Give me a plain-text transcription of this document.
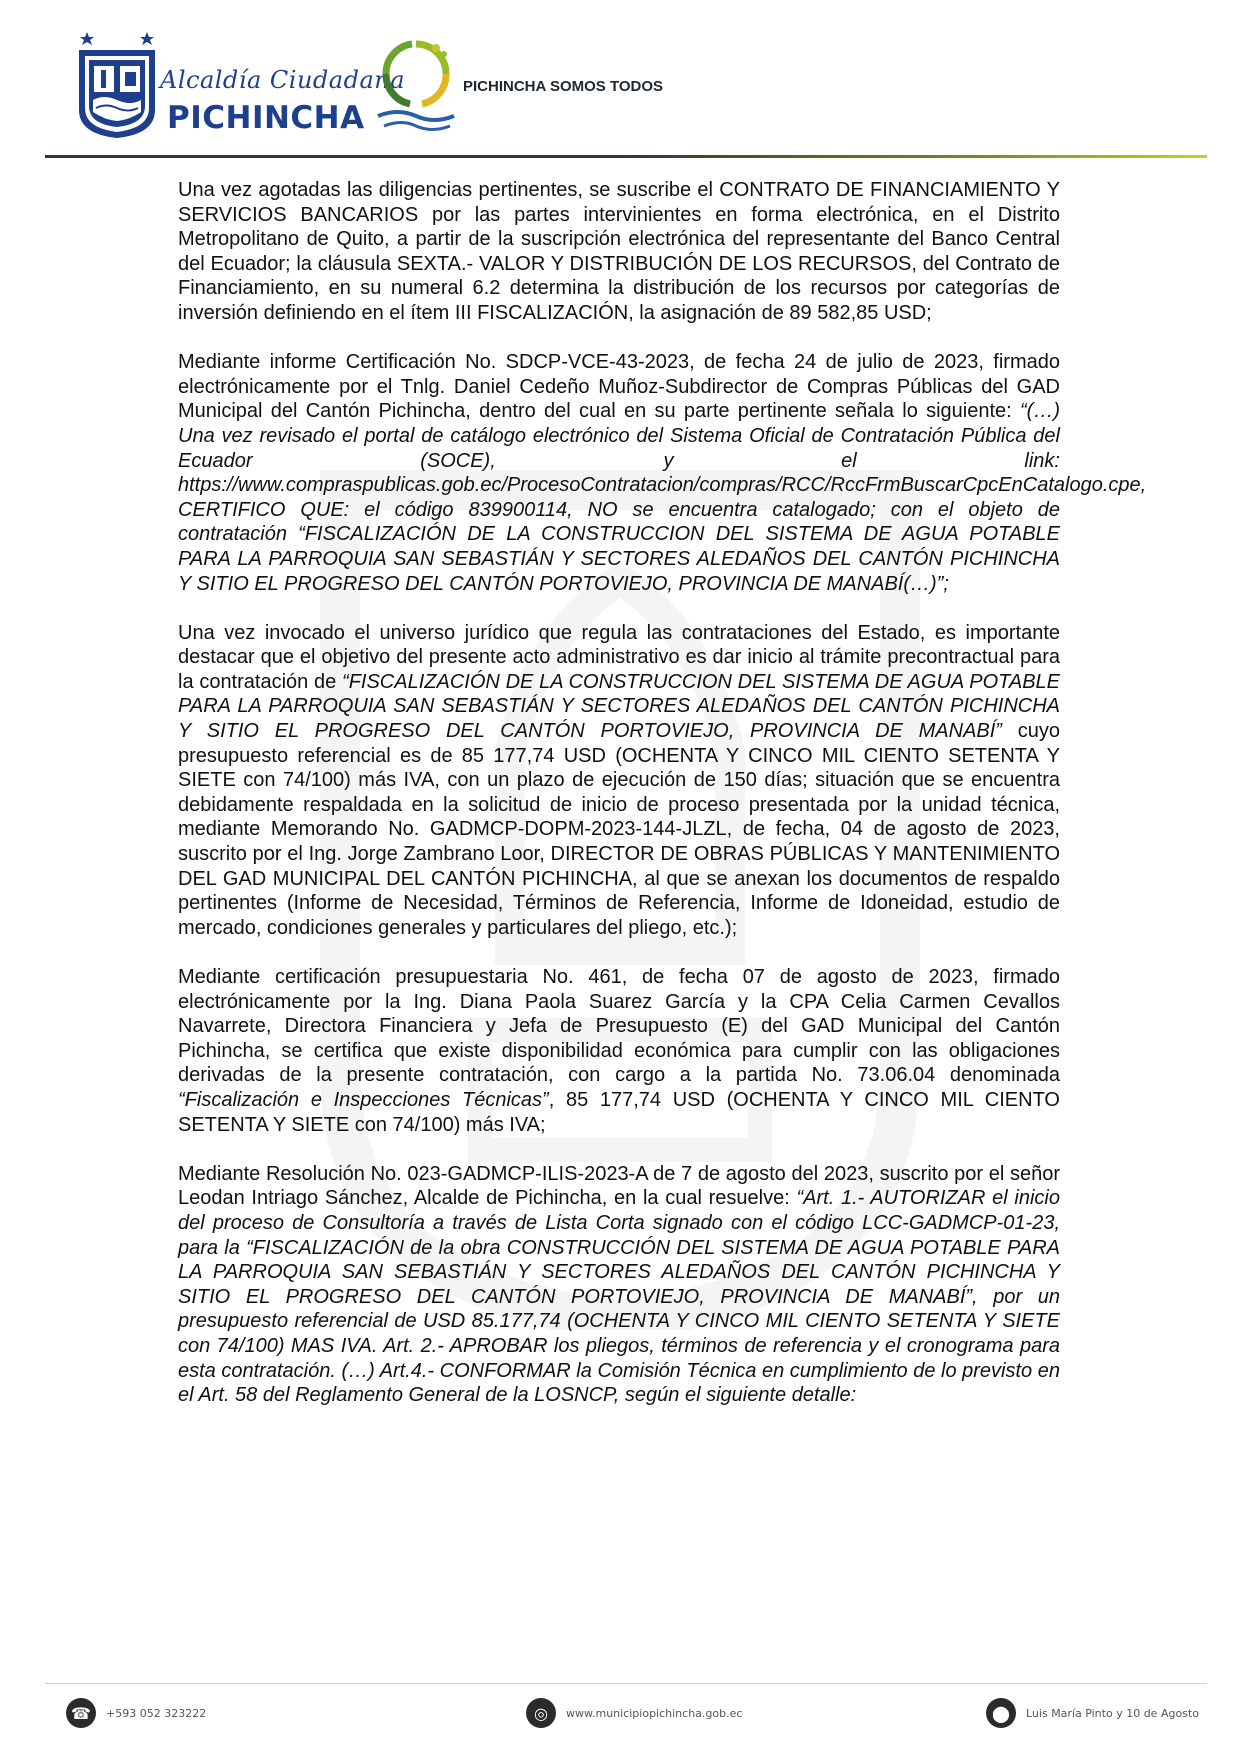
Alcaldía Ciudadana
PICHINCHA
PICHINCHA SOMOS TODOS

Una vez agotadas las diligencias pertinentes, se suscribe el CONTRATO DE FINANCIAMIENTO Y SERVICIOS BANCARIOS por las partes intervinientes en forma electrónica, en el Distrito Metropolitano de Quito, a partir de la suscripción electrónica del representante del Banco Central del Ecuador; la cláusula SEXTA.- VALOR Y DISTRIBUCIÓN DE LOS RECURSOS, del Contrato de Financiamiento, en su numeral 6.2 determina la distribución de los recursos por categorías de inversión definiendo en el ítem III FISCALIZACIÓN, la asignación de 89 582,85 USD;

Mediante informe Certificación No. SDCP-VCE-43-2023, de fecha 24 de julio de 2023, firmado electrónicamente por el Tnlg. Daniel Cedeño Muñoz-Subdirector de Compras Públicas del GAD Municipal del Cantón Pichincha, dentro del cual en su parte pertinente señala lo siguiente: “(…) Una vez revisado el portal de catálogo electrónico del Sistema Oficial de Contratación Pública del Ecuador (SOCE), y el link: https://www.compraspublicas.gob.ec/ProcesoContratacion/compras/RCC/RccFrmBuscarCpcEnCatalogo.cpe, CERTIFICO QUE: el código 839900114, NO se encuentra catalogado; con el objeto de contratación “FISCALIZACIÓN DE LA CONSTRUCCION DEL SISTEMA DE AGUA POTABLE PARA LA PARROQUIA SAN SEBASTIÁN Y SECTORES ALEDAÑOS DEL CANTÓN PICHINCHA Y SITIO EL PROGRESO DEL CANTÓN PORTOVIEJO, PROVINCIA DE MANABÍ(…)”;

Una vez invocado el universo jurídico que regula las contrataciones del Estado, es importante destacar que el objetivo del presente acto administrativo es dar inicio al trámite precontractual para la contratación de “FISCALIZACIÓN DE LA CONSTRUCCION DEL SISTEMA DE AGUA POTABLE PARA LA PARROQUIA SAN SEBASTIÁN Y SECTORES ALEDAÑOS DEL CANTÓN PICHINCHA Y SITIO EL PROGRESO DEL CANTÓN PORTOVIEJO, PROVINCIA DE MANABÍ” cuyo presupuesto referencial es de 85 177,74 USD (OCHENTA Y CINCO MIL CIENTO SETENTA Y SIETE con 74/100) más IVA, con un plazo de ejecución de 150 días; situación que se encuentra debidamente respaldada en la solicitud de inicio de proceso presentada por la unidad técnica, mediante Memorando No. GADMCP-DOPM-2023-144-JLZL, de fecha, 04 de agosto de 2023, suscrito por el Ing. Jorge Zambrano Loor, DIRECTOR DE OBRAS PÚBLICAS Y MANTENIMIENTO DEL GAD MUNICIPAL DEL CANTÓN PICHINCHA, al que se anexan los documentos de respaldo pertinentes (Informe de Necesidad, Términos de Referencia, Informe de Idoneidad, estudio de mercado, condiciones generales y particulares del pliego, etc.);

Mediante certificación presupuestaria No. 461, de fecha 07 de agosto de 2023, firmado electrónicamente por la Ing. Diana Paola Suarez García y la CPA Celia Carmen Cevallos Navarrete, Directora Financiera y Jefa de Presupuesto (E) del GAD Municipal del Cantón Pichincha, se certifica que existe disponibilidad económica para cumplir con las obligaciones derivadas de la presente contratación, con cargo a la partida No. 73.06.04 denominada “Fiscalización e Inspecciones Técnicas”, 85 177,74 USD (OCHENTA Y CINCO MIL CIENTO SETENTA Y SIETE con 74/100) más IVA;

Mediante Resolución No. 023-GADMCP-ILIS-2023-A de 7 de agosto del 2023, suscrito por el señor Leodan Intriago Sánchez, Alcalde de Pichincha, en la cual resuelve: “Art. 1.- AUTORIZAR el inicio del proceso de Consultoría a través de Lista Corta signado con el código LCC-GADMCP-01-23, para la “FISCALIZACIÓN de la obra CONSTRUCCIÓN DEL SISTEMA DE AGUA POTABLE PARA LA PARROQUIA SAN SEBASTIÁN Y SECTORES ALEDAÑOS DEL CANTÓN PICHINCHA Y SITIO EL PROGRESO DEL CANTÓN PORTOVIEJO, PROVINCIA DE MANABÍ”, por un presupuesto referencial de USD 85.177,74 (OCHENTA Y CINCO MIL CIENTO SETENTA Y SIETE con 74/100) MAS IVA. Art. 2.- APROBAR los pliegos, términos de referencia y el cronograma para esta contratación. (…) Art.4.- CONFORMAR la Comisión Técnica en cumplimiento de lo previsto en el Art. 58 del Reglamento General de la LOSNCP, según el siguiente detalle:

☎	+593 052 323222	◎	www.municipiopichincha.gob.ec	⬤	Luis María Pinto y 10 de Agosto
